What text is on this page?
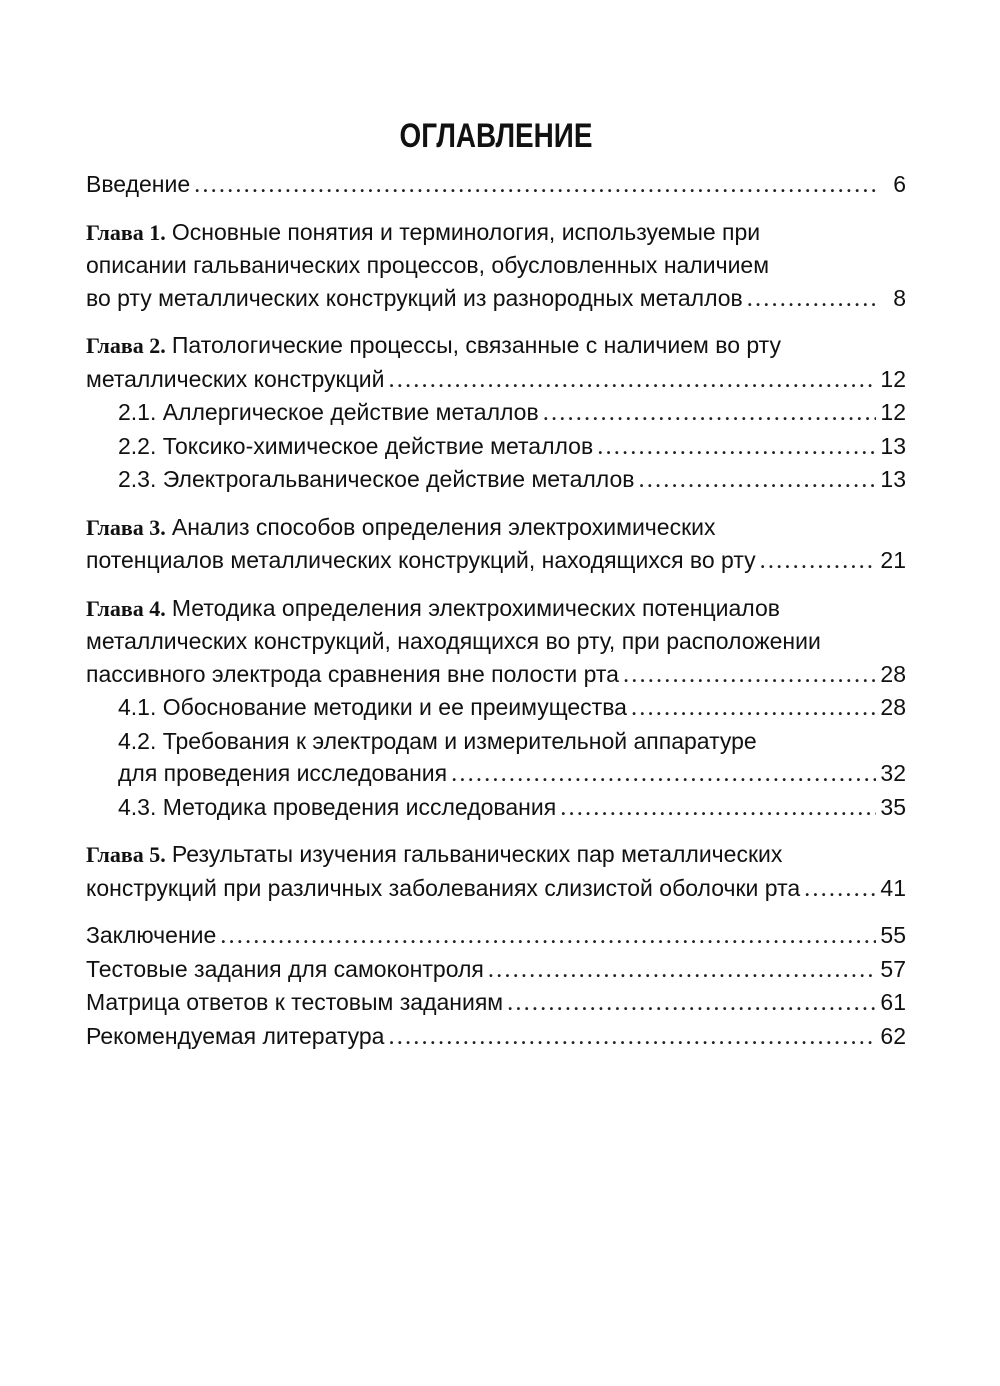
ОГЛАВЛЕНИЕ
Введение . . .	6
Глава 1. Основные понятия и терминология, используемые при
описании гальванических процессов, обусловленных наличием
во рту металлических конструкций из разнородных металлов . . .	8
Глава 2. Патологические процессы, связанные с наличием во рту
металлических конструкций . . .	12
2.1. Аллергическое действие металлов . . .	12
2.2. Токсико-химическое действие металлов . . .	13
2.3. Электрогальваническое действие металлов . . .	13
Глава 3. Анализ способов определения электрохимических
потенциалов металлических конструкций, находящихся во рту . . .	21
Глава 4. Методика определения электрохимических потенциалов
металлических конструкций, находящихся во рту, при расположении
пассивного электрода сравнения вне полости рта . . .	28
4.1. Обоснование методики и ее преимущества . . .	28
4.2. Требования к электродам и измерительной аппаратуре
для проведения исследования . . .	32
4.3. Методика проведения исследования . . .	35
Глава 5. Результаты изучения гальванических пар металлических
конструкций при различных заболеваниях слизистой оболочки рта . . .	41
Заключение . . .	55
Тестовые задания для самоконтроля . . .	57
Матрица ответов к тестовым заданиям . . .	61
Рекомендуемая литература . . .	62
